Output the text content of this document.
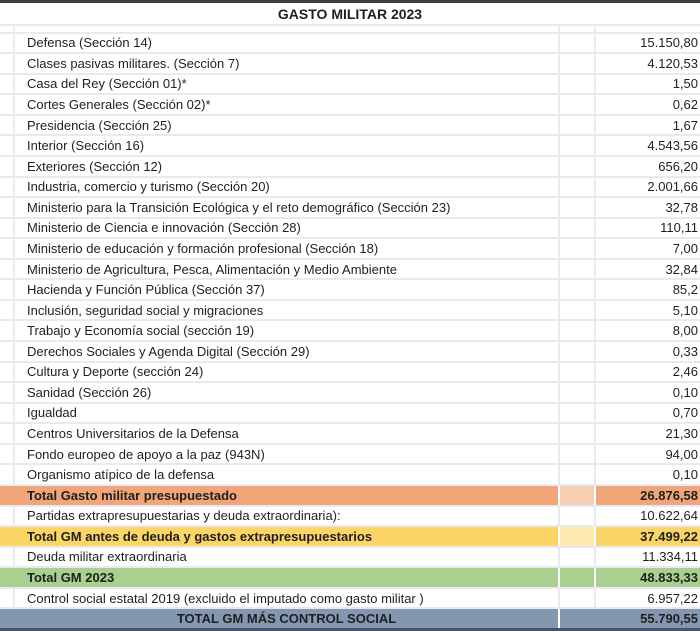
GASTO MILITAR 2023
Defensa (Sección 14)	15.150,80
Clases pasivas militares. (Sección 7)	4.120,53
Casa del Rey (Sección 01)*	1,50
Cortes Generales (Sección 02)*	0,62
Presidencia (Sección 25)	1,67
Interior (Sección 16)	4.543,56
Exteriores (Sección 12)	656,20
Industria, comercio y turismo (Sección 20)	2.001,66
Ministerio para la Transición Ecológica y el reto demográfico (Sección 23)	32,78
Ministerio de Ciencia e innovación (Sección 28)	110,11
Ministerio de educación y formación profesional (Sección 18)	7,00
Ministerio de Agricultura, Pesca, Alimentación y Medio Ambiente	32,84
Hacienda y Función Pública (Sección 37)	85,2
Inclusión, seguridad social y migraciones	5,10
Trabajo y Economía social (sección 19)	8,00
Derechos Sociales y Agenda Digital (Sección 29)	0,33
Cultura y Deporte (sección 24)	2,46
Sanidad (Sección 26)	0,10
Igualdad	0,70
Centros Universitarios de la Defensa	21,30
Fondo europeo de apoyo a la paz (943N)	94,00
Organismo atípico de la defensa	0,10
Total Gasto militar presupuestado	26.876,58
Partidas extrapresupuestarias y deuda extraordinaria):	10.622,64
Total GM antes de deuda y gastos extrapresupuestarios	37.499,22
Deuda militar extraordinaria	11.334,11
Total GM 2023	48.833,33
Control social estatal 2019 (excluido el imputado como gasto militar )	6.957,22
TOTAL GM MÁS CONTROL SOCIAL	55.790,55
